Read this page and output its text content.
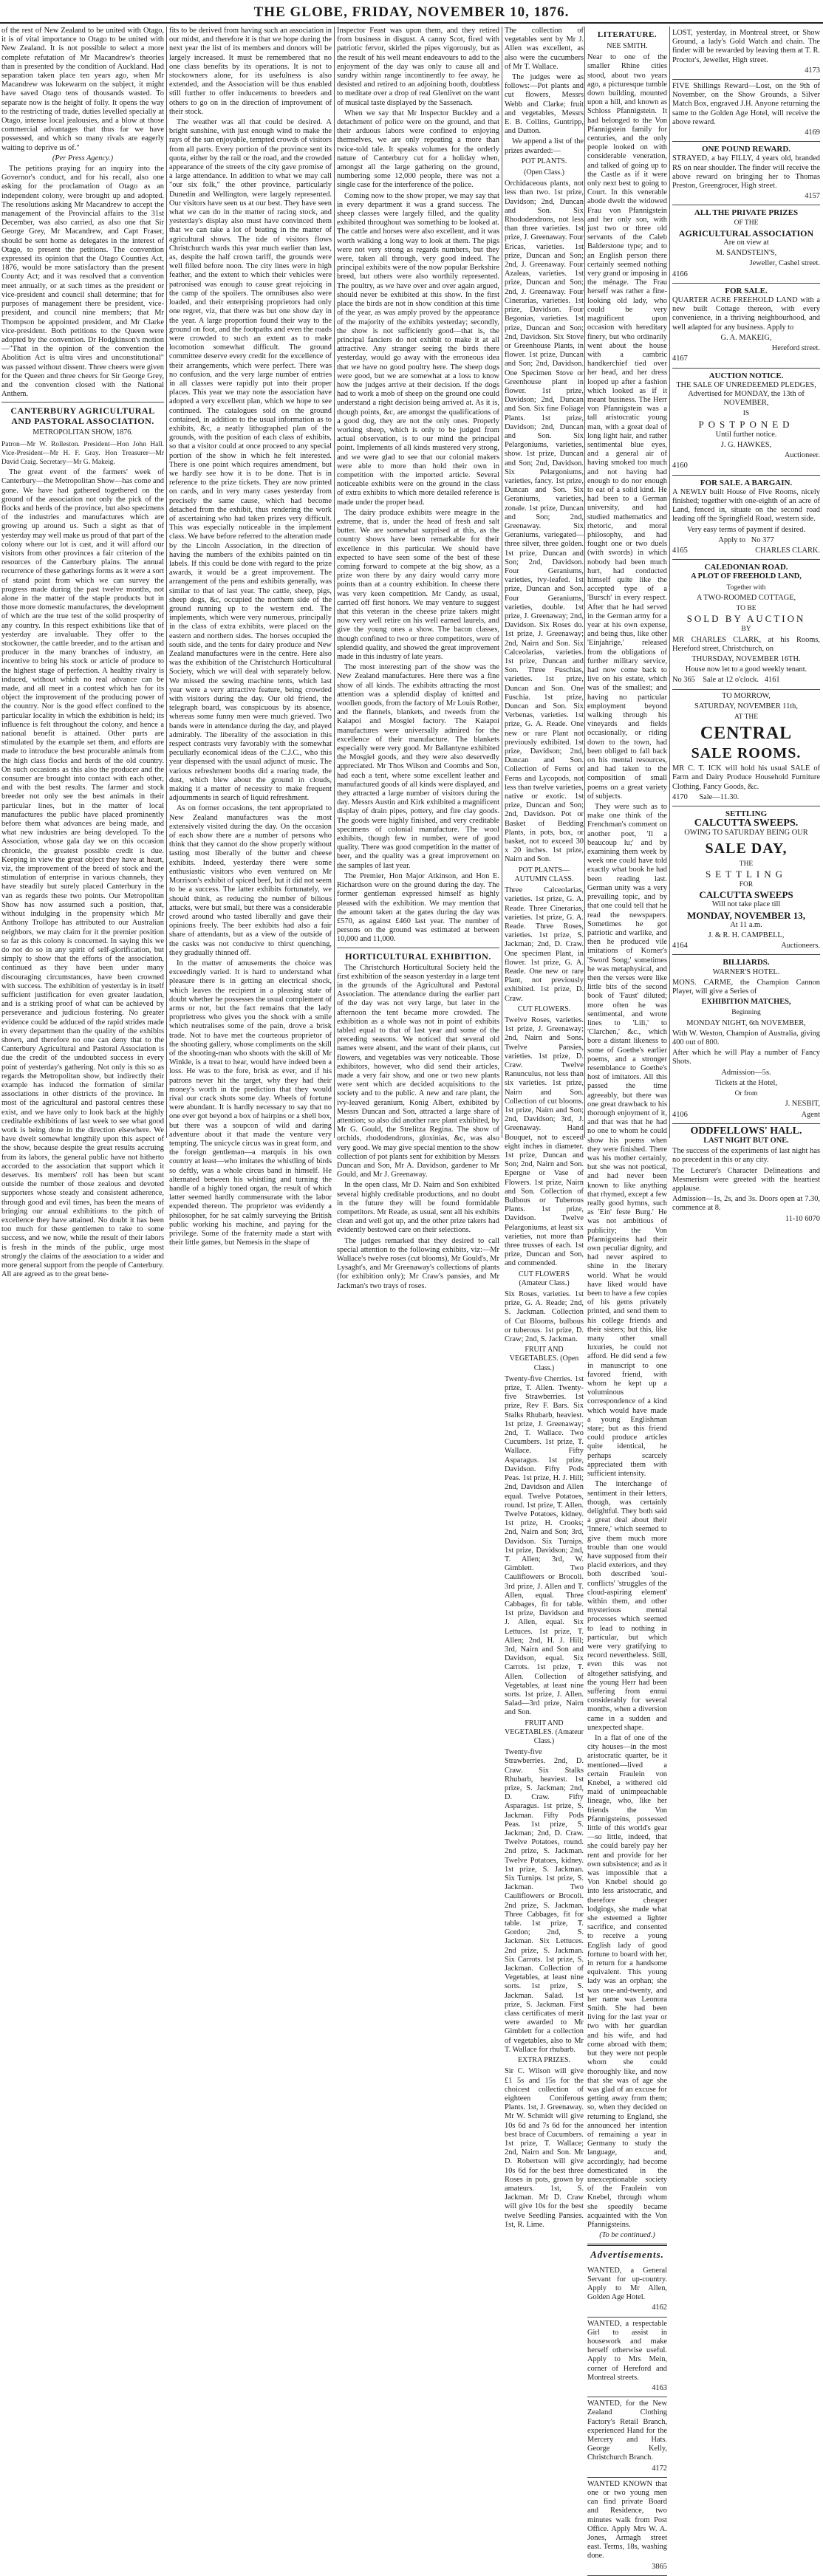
THE GLOBE, FRIDAY, NOVEMBER 10, 1876.

of the rest of New Zealand to be united with Otago, it is of vital importance to Otago to be united with New Zealand. It is not possible to select a more complete refutation of Mr Macandrew's theories than is presented by the condition of Auckland. Had separation taken place ten years ago, when Mr Macandrew was lukewarm on the subject, it might have saved Otago tens of thousands wasted. To separate now is the height of folly. It opens the way to the restricting of trade, duties levelled specially at Otago, intense local jealousies, and a blow at those commercial advantages that thus far we have possessed, and which so many rivals are eagerly waiting to deprive us of."

(Per Press Agency.)

The petitions praying for an inquiry into the Governor's conduct, and for his recall, also one asking for the proclamation of Otago as an independent colony, were brought up and adopted. The resolutions asking Mr Macandrew to accept the management of the Provincial affairs to the 31st December, was also carried, as also one that Sir George Grey, Mr Macandrew, and Capt Fraser, should be sent home as delegates in the interest of Otago, to present the petitions. The convention expressed its opinion that the Otago Counties Act, 1876, would be more satisfactory than the present County Act; and it was resolved that a convention meet annually, or at such times as the president or vice-president and council shall determine; that for purposes of management there be president, vice-president, and council nine members; that Mr Thompson be appointed president, and Mr Clarke vice-president. Both petitions to the Queen were adopted by the convention. Dr Hodgkinson's motion—"That in the opinion of the convention the Abolition Act is ultra vires and unconstitutional" was passed without dissent. Three cheers were given for the Queen and three cheers for Sir George Grey, and the convention closed with the National Anthem.

CANTERBURY AGRICULTURAL AND PASTORAL ASSOCIATION.
METROPOLITAN SHOW, 1876.

Patron—Mr W. Rolleston. President—Hon John Hall. Vice-President—Mr H. F. Gray. Hon Treasurer—Mr David Craig. Secretary—Mr G. Makeig.

The great event of the farmers' week of Canterbury—the Metropolitan Show—has come and gone. We have had gathered togethered on the ground of the association not only the pick of the flocks and herds of the province, but also specimens of the industries and manufactures which are growing up around us. Such a sight as that of yesterday may well make us proud of that part of the colony where our lot is cast, and it will afford our visitors from other provinces a fair criterion of the resources of the Canterbury plains. The annual recurrence of these gatherings forms as it were a sort of stand point from which we can survey the progress made during the past twelve months, not alone in the matter of the staple products but in those more domestic manufactures, the development of which are the true test of the solid prosperity of any country. In this respect exhibitions like that of yesterday are invaluable. They offer to the stockowner, the cattle breeder, and to the artisan and producer in the many branches of industry, an incentive to bring his stock or article of produce to the highest stage of perfection. A healthy rivalry is induced, without which no real advance can be made, and all meet in a contest which has for its object the improvement of the producing power of the country. Nor is the good effect confined to the particular locality in which the exhibition is held; its influence is felt throughout the colony, and hence a national benefit is attained. Other parts are stimulated by the example set them, and efforts are made to introduce the best procurable animals from the high class flocks and herds of the old country. On such occasions as this also the producer and the consumer are brought into contact with each other, and with the best results. The farmer and stock breeder not only see the best animals in their particular lines, but in the matter of local manufactures the public have placed prominently before them what advances are being made, and what new industries are being developed. To the Association, whose gala day we on this occasion chronicle, the greatest possible credit is due. Keeping in view the great object they have at heart, viz, the improvement of the breed of stock and the stimulation of enterprise in various channels, they have steadily but surely placed Canterbury in the van as regards these two points. Our Metropolitan Show has now assumed such a position, that, without indulging in the propensity which Mr Anthony Trollope has attributed to our Australian neighbors, we may claim for it the premier position so far as this colony is concerned. In saying this we do not do so in any spirit of self-glorification, but simply to show that the efforts of the association, continued as they have been under many discouraging circumstances, have been crowned with success. The exhibition of yesterday is in itself sufficient justification for even greater laudation, and is a striking proof of what can be achieved by perseverance and judicious fostering. No greater evidence could be adduced of the rapid strides made in every department than the quality of the exhibits shown, and therefore no one can deny that to the Canterbury Agricultural and Pastoral Association is due the credit of the undoubted success in every point of yesterday's gathering. Not only is this so as regards the Metropolitan show, but indirectly their example has induced the formation of similar associations in other districts of the province. In most of the agricultural and pastoral centres these exist, and we have only to look back at the highly creditable exhibitions of last week to see what good work is being done in the direction elsewhere. We have dwelt somewhat lengthily upon this aspect of the show, because despite the great results accruing from its labors, the general public have not hitherto accorded to the association that support which it deserves. Its members' roll has been but scant outside the number of those zealous and devoted supporters whose steady and consistent adherence, through good and evil times, has been the means of bringing our annual exhibitions to the pitch of excellence they have attained. No doubt it has been too much for these gentlemen to take to some success, and we now, while the result of their labors is fresh in the minds of the public, urge most strongly the claims of the association to a wider and more general support from the people of Canterbury. All are agreed as to the great bene-

fits to be derived from having such an association in our midst, and therefore it is that we hope during the next year the list of its members and donors will be largely increased. It must be remembered that no one class benefits by its operations. It is not to stockowners alone, for its usefulness is also extended, and the Association will be thus enabled still further to offer inducements to breeders and others to go on in the direction of improvement of their stock.

The weather was all that could be desired. A bright sunshine, with just enough wind to make the rays of the sun enjoyable, tempted crowds of visitors from all parts. Every portion of the province sent its quota, either by the rail or the road, and the crowded appearance of the streets of the city gave promise of a large attendance. In addition to what we may call "our six folk," the other province, particularly Dunedin and Wellington, were largely represented. Our visitors have seen us at our best. They have seen what we can do in the matter of racing stock, and yesterday's display also must have convinced them that we can take a lot of beating in the matter of agricultural shows. The tide of visitors flows Christchurch wards this year much earlier than last, as, despite the half crown tariff, the grounds were well filled before noon. The city lines were in high feather, and the extent to which their vehicles were patronised was enough to cause great rejoicing in the camp of the spoilers. The omnibuses also were loaded, and their enterprising proprietors had only one regret, viz, that there was but one show day in the year. A large proportion found their way to the ground on foot, and the footpaths and even the roads were crowded to such an extent as to make locomotion somewhat difficult. The ground committee deserve every credit for the excellence of their arrangements, which were perfect. There was no confusion, and the very large number of entries in all classes were rapidly put into their proper places. This year we may note the association have adopted a very excellent plan, which we hope to see continued. The catalogues sold on the ground contained, in addition to the usual information as to exhibits, &c, a neatly lithographed plan of the grounds, with the position of each class of exhibits, so that a visitor could at once proceed to any special portion of the show in which he felt interested. There is one point which requires amendment, but we hardly see how it is to be done. That is in reference to the prize tickets. They are now printed on cards, and in very many cases yesterday from precisely the same cause, which had become detached from the exhibit, thus rendering the work of ascertaining who had taken prizes very difficult. This was especially noticeable in the implement class. We have before referred to the alteration made by the Lincoln Association, in the direction of having the numbers of the exhibits painted on tin labels. If this could be done with regard to the prize awards, it would be a great improvement. The arrangement of the pens and exhibits generally, was similar to that of last year. The cattle, sheep, pigs, sheep dogs, &c, occupied the northern side of the ground running up to the western end. The implements, which were very numerous, principally in the class of extra exhibits, were placed on the eastern and northern sides. The horses occupied the south side, and the tents for dairy produce and New Zealand manufactures were in the centre. Here also was the exhibition of the Christchurch Horticultural Society, which we will deal with separately below. We missed the sewing machine tents, which last year were a very attractive feature, being crowded with visitors during the day. Our old friend, the telegraph board, was conspicuous by its absence, whereas some funny men were much grieved. Two bands were in attendance during the day, and played admirably. The liberality of the association in this respect contrasts very favorably with the somewhat peculiarly economical ideas of the C.J.C., who this year dispensed with the usual adjunct of music. The various refreshment booths did a roaring trade, the dust, which blew about the ground in clouds, making it a matter of necessity to make frequent adjournments in search of liquid refreshment.

As on former occasions, the tent appropriated to New Zealand manufactures was the most extensively visited during the day. On the occasion of each show there are a number of persons who think that they cannot do the show properly without tasting most liberally of the butter and cheese exhibits. Indeed, yesterday there were some enthusiastic visitors who even ventured on Mr Morrison's exhibit of spiced beef, but it did not seem to be a success. The latter exhibits fortunately, we should think, as reducing the number of bilious attacks, were but small, but there was a considerable crowd around who tasted liberally and gave their opinions freely. The beer exhibits had also a fair share of attendants, but as a view of the outside of the casks was not conducive to thirst quenching, they gradually thinned off.

In the matter of amusements the choice was exceedingly varied. It is hard to understand what pleasure there is in getting an electrical shock, which leaves the recipient in a pleasing state of doubt whether he possesses the usual complement of arms or not, but the fact remains that the lady proprietress who gives you the shock with a smile which neutralises some of the pain, drove a brisk trade. Not to have met the courteous proprietor of the shooting gallery, whose compliments on the skill of the shooting-man who shoots with the skill of Mr Winkle, is a treat to hear, would have indeed been a loss. He was to the fore, brisk as ever, and if his patrons never hit the target, why they had their money's worth in the prediction that they would rival our crack shots some day. Wheels of fortune were abundant. It is hardly necessary to say that no one ever got beyond a box of hairpins or a shell box, but there was a soupcon of wild and daring adventure about it that made the venture very tempting. The unicycle circus was in great form, and the foreign gentleman—a marquis in his own country at least—who imitates the whistling of birds so deftly, was a whole circus band in himself. He alternated between his whistling and turning the handle of a highly toned organ, the result of which latter seemed hardly commensurate with the labor expended thereon. The proprietor was evidently a philosopher, for he sat calmly surveying the British public working his machine, and paying for the privilege. Some of the fraternity made a start with their little games, but Nemesis in the shape of

Inspector Feast was upon them, and they retired from business in disgust. A canny Scot, fired with patriotic fervor, skirled the pipes vigorously, but as the result of his well meant endeavours to add to the enjoyment of the day was only to cause all and sundry within range incontinently to fee away, he desisted and retired to an adjoining booth, doubtless to meditate over a drop of real Glenlivet on the want of musical taste displayed by the Sassenach.

When we say that Mr Inspector Buckley and a detachment of police were on the ground, and that their arduous labors were confined to enjoying themselves, we are only repeating a more than twice-told tale. It speaks volumes for the orderly nature of Canterbury cut for a holiday when, amongst all the large gathering on the ground, numbering some 12,000 people, there was not a single case for the interference of the police.

Coming now to the show proper, we may say that in every department it was a grand success. The sheep classes were largely filled, and the quality exhibited throughout was something to be looked at. The cattle and horses were also excellent, and it was worth walking a long way to look at them. The pigs were not very strong as regards numbers, but they were, taken all through, very good indeed. The principal exhibits were of the now popular Berkshire breed, but others were also worthily represented. The poultry, as we have over and over again argued, should never be exhibited at this show. In the first place the birds are not in show condition at this time of the year, as was amply proved by the appearance of the majority of the exhibits yesterday; secondly, the show is not sufficiently good—that is, the principal fanciers do not exhibit to make it at all attractive. Any stranger seeing the birds there yesterday, would go away with the erroneous idea that we have no good poultry here. The sheep dogs were good, but we are somewhat at a loss to know how the judges arrive at their decision. If the dogs had to work a mob of sheep on the ground one could understand a right decision being arrived at. As it is, though points, &c, are amongst the qualifications of a good dog, they are not the only ones. Properly working sheep, which is only to be judged from actual observation, is to our mind the principal point. Implements of all kinds mustered very strong, and we were glad to see that our colonial makers were able to more than hold their own in competition with the imported article. Several noticeable exhibits were on the ground in the class of extra exhibits to which more detailed reference is made under the proper head.

The dairy produce exhibits were meagre in the extreme, that is, under the head of fresh and salt butter. We are somewhat surprised at this, as the country shows have been remarkable for their excellence in this particular. We should have expected to have seen some of the best of these coming forward to compete at the big show, as a prize won there by any dairy would carry more points than at a country exhibition. In cheese there was very keen competition. Mr Candy, as usual, carried off first honors. We may venture to suggest that this veteran in the cheese prize takers might now very well retire on his well earned laurels, and give the young ones a show. The bacon classes, though confined to two or three competitors, were of splendid quality, and showed the great improvement made in this industry of late years.

The most interesting part of the show was the New Zealand manufactures. Here there was a fine show of all kinds. The exhibits attracting the most attention was a splendid display of knitted and woollen goods, from the factory of Mr Louis Rother, and the flannels, blankets, and tweeds from the Kaiapoi and Mosgiel factory. The Kaiapoi manufactures were universally admired for the excellence of their manufacture. The blankets especially were very good. Mr Ballantyne exhibited the Mosgiel goods, and they were also deservedly appreciated. Mr Thos Wilson and Coombs and Son, had each a tent, where some excellent leather and manufactured goods of all kinds were displayed, and they attracted a large number of visitors during the day. Messrs Austin and Kirk exhibited a magnificent display of drain pipes, pottery, and fire clay goods. The goods were highly finished, and very creditable specimens of colonial manufacture. The wool exhibits, though few in number, were of good quality. There was good competition in the matter of beer, and the quality was a great improvement on the samples of last year.

The Premier, Hon Major Atkinson, and Hon E. Richardson were on the ground during the day. The former gentleman expressed himself as highly pleased with the exhibition. We may mention that the amount taken at the gates during the day was £570, as against £460 last year. The number of persons on the ground was estimated at between 10,000 and 11,000.

HORTICULTURAL EXHIBITION.

The Christchurch Horticultural Society held the first exhibition of the season yesterday in a large tent in the grounds of the Agricultural and Pastoral Association. The attendance during the earlier part of the day was not very large, but later in the afternoon the tent became more crowded. The exhibition as a whole was not in point of exhibits tabled equal to that of last year and some of the preceding seasons. We noticed that several old names were absent, and the want of their plants, cut flowers, and vegetables was very noticeable. Those exhibitors, however, who did send their articles, made a very fair show, and one or two new plants were sent which are decided acquisitions to the society and to the public. A new and rare plant, the ivy-leaved geranium, Konig Albert, exhibited by Messrs Duncan and Son, attracted a large share of attention; so also did another rare plant exhibited, by Mr G. Gould, the Strelitza Regina. The show of orchids, rhododendrons, gloxinias, &c, was also very good. We may give special mention to the show collection of pot plants sent for exhibition by Messrs Duncan and Son, Mr A. Davidson, gardener to Mr Gould, and Mr J. Greenaway.

In the open class, Mr D. Nairn and Son exhibited several highly creditable productions, and no doubt in the future they will be found formidable competitors. Mr Reade, as usual, sent all his exhibits clean and well got up, and the other prize takers had evidently bestowed care on their selections.

The judges remarked that they desired to call special attention to the following exhibits, viz:—Mr Wallace's twelve roses (cut blooms), Mr Gould's, Mr Lysaght's, and Mr Greenaway's collections of plants (for exhibition only); Mr Craw's pansies, and Mr Jackman's two trays of roses.

The collection of vegetables sent by Mr J. Allen was excellent, as also were the cucumbers of Mr T. Wallace.

The judges were as follows:—Pot plants and cut flowers, Messrs Webb and Clarke; fruit and vegetables, Messrs E. B. Collins, Guntripp, and Dutton.

We append a list of the prizes awarded:—

POT PLANTS.
(Open Class.)

Orchidaceous plants, not less than two. 1st prize, Davidson; 2nd, Duncan and Son. Six Rhododendrons, not less than three varieties. 1st prize, J. Greenaway. Four Ericas, varieties. 1st prize, Duncan and Son; 2nd, J. Greenaway. Four Azaleas, varieties. 1st prize, Duncan and Son; 2nd, J. Greenaway. Four Cinerarias, varieties. 1st prize, Davidson. Four Begonias, varieties. 1st prize, Duncan and Son; 2nd, Davidson. Six Stove or Greenhouse Plants, in flower. 1st prize, Duncan and Son; 2nd, Davidson. One Specimen Stove or Greenhouse plant in flower. 1st prize, Davidson; 2nd, Duncan and Son. Six fine Foliage Plants. 1st prize, Davidson; 2nd, Duncan and Son. Six Pelargoniums, varieties, show. 1st prize, Duncan and Son; 2nd, Davidson. Six Pelargoniums, varieties, fancy. 1st prize, Duncan and Son. Six Geraniums, varieties, zonale. 1st prize, Duncan and Son; 2nd, Greenaway. Six Geraniums, variegated—three silver, three golden. 1st prize, Duncan and Son; 2nd, Davidson. Four Geraniums, varieties, ivy-leafed. 1st prize, Duncan and Son. Four Geraniums, varieties, double. 1st prize, J. Greenaway; 2nd, Davidson. Six Roses do. 1st prize, J. Greenaway; 2nd, Nairn and Son. Six Calceolarias, varieties. 1st prize, Duncan and Son. Three Fuschias, varieties. 1st prize, Duncan and Son. One Fuschia. 1st prize, Duncan and Son. Six Verbenas, varieties. 1st prize, G. A. Reade. One new or rare Plant not previously exhibited. 1st prize, Davidson; 2nd, Duncan and Son. Collection of Ferns or Ferns and Lycopods, not less than twelve varieties, native or exotic. 1st prize, Duncan and Son; 2nd, Davidson. Pot or Basket of Bedding Plants, in pots, box, or basket, not to exceed 30 x 20 inches. 1st prize, Nairn and Son.

POT PLANTS—AUTUMN CLASS.

Three Calceolarias, varieties. 1st prize, G. A. Reade. Three Cinerarias, varieties. 1st prize, G. A. Reade. Three Roses, varieties. 1st prize, S. Jackman; 2nd, D. Craw. One specimen Plant, in flower. 1st prize, G. A. Reade. One new or rare Plant, not previously exhibited. 1st prize, D. Craw.

CUT FLOWERS.

Twelve Roses, varieties. 1st prize, J. Greenaway; 2nd, Nairn and Sons. Twelve Pansies, varieties. 1st prize, D. Craw. Twelve Ranunculus, not less than six varieties. 1st prize, Nairn and Son. Collection of cut blooms. 1st prize, Nairn and Son; 2nd, Davidson; 3rd, J. Greenaway. Hand Bouquet, not to exceed eight inches in diameter. 1st prize, Duncan and Son; 2nd, Nairn and Son. Epergne or Vase of Flowers. 1st prize, Nairn and Son. Collection of Bulbous or Tuberous Plants. 1st prize, Davidson. Twelve Pelargoniums, at least six varieties, not more than three trusses of each. 1st prize, Duncan and Son, and commended.

CUT FLOWERS (Amateur Class.)

Six Roses, varieties. 1st prize, G. A. Reade; 2nd, S. Jackman. Collection of Cut Blooms, bulbous or tuberous. 1st prize, D. Craw; 2nd, S. Jackman.

FRUIT AND VEGETABLES. (Open Class.)

Twenty-five Cherries. 1st prize, T. Allen. Twenty-five Strawberries. 1st prize, Rev F. Bars. Six Stalks Rhubarb, heaviest. 1st prize, J. Greenaway; 2nd, T. Wallace. Two Cucumbers. 1st prize, T. Wallace. Fifty Asparagus. 1st prize, Davidson. Fifty Pods Peas. 1st prize, H. J. Hill; 2nd, Davidson and Allen equal. Twelve Potatoes, round. 1st prize, T. Allen. Twelve Potatoes, kidney. 1st prize, H. Crooks; 2nd, Nairn and Son; 3rd, Davidson. Six Turnips. 1st prize, Davidson; 2nd, T. Allen; 3rd, W. Gimblett. Two Cauliflowers or Brocoli. 3rd prize, J. Allen and T. Allen, equal. Three Cabbages, fit for table. 1st prize, Davidson and J. Allen, equal. Six Lettuces. 1st prize, T. Allen; 2nd, H. J. Hill; 3rd, Nairn and Son and Davidson, equal. Six Carrots. 1st prize, T. Allen. Collection of Vegetables, at least nine sorts. 1st prize, J. Allen. Salad—3rd prize, Nairn and Son.

FRUIT AND VEGETABLES. (Amateur Class.)

Twenty-five Strawberries. 2nd, D. Craw. Six Stalks Rhubarb, heaviest. 1st prize, S. Jackman; 2nd, D. Craw. Fifty Asparagus. 1st prize, S. Jackman. Fifty Pods Peas. 1st prize, S. Jackman; 2nd, D. Craw. Twelve Potatoes, round. 2nd prize, S. Jackman. Twelve Potatoes, kidney. 1st prize, S. Jackman. Six Turnips. 1st prize, S. Jackman. Two Cauliflowers or Brocoli. 2nd prize, S. Jackman. Three Cabbages, fit for table. 1st prize, T. Gordon; 2nd, S. Jackman. Six Lettuces. 2nd prize, S. Jackman. Six Carrots. 1st prize, S. Jackman. Collection of Vegetables, at least nine sorts. 1st prize, S. Jackman. Salad. 1st prize, S. Jackman. First class certificates of merit were awarded to Mr Gimblett for a collection of vegetables, also to Mr T. Wallace for rhubarb.

EXTRA PRIZES.

Sir C. Wilson will give £1 5s and 15s for the choicest collection of eighteen Coniferous Plants. 1st, J. Greenaway. Mr W. Schmidt will give 10s 6d and 7s 6d for the best brace of Cucumbers. 1st prize, T. Wallace; 2nd, Nairn and Son. Mr D. Robertson will give 10s 6d for the best three Roses in pots, grown by amateurs. 1st, S. Jackman. Mr D. Craw will give 10s for the best twelve Seedling Pansies. 1st, R. Lime.

LITERATURE.
NEE SMITH.

Near to one of the smaller Rhine cities stood, about two years ago, a picturesque tumble down building, mounted upon a hill, and known as Schloss Pfannigstein. It had belonged to the Von Pfannigstein family for centuries, and the only people looked on with considerable veneration, and talked of going up to the Castle as if it were only next best to going to Court. In this venerable abode dwelt the widowed Frau von Pfannigstein and her only son, with just two or three old servants of the Caleb Balderstone type; and to an English person there certainly seemed nothing very grand or imposing in the ménage. The Frau herself was rather a fine-looking old lady, who could be very magnificent upon occasion with hereditary finery, but who ordinarily went about the house with a cambric handkerchief tied over her head, and her dress looped up after a fashion which looked as if it meant business. The Herr von Pfannigstein was a tall aristocratic young man, with a great deal of long light hair, and rather sentimental blue eyes, and a general air of having smoked too much and not having had enough to do nor enough to eat of a solid kind. He had been to a German university, and had studied mathematics and rhetoric, and moral philosophy, and had fought one or two duels (with swords) in which nobody had been much hurt, had conducted himself quite like the accepted type of a 'Bursch' in every respect. After that he had served in the German army for a year at his own expense, and being thus, like other 'Einjahrige,' released from the obligations of further military service, had now come back to live on his estate, which was of the smallest; and having no particular employment beyond walking through his vineyards and fields occasionally, or riding down to the town, had been obliged to fall back on his mental resources, and had taken to the composition of small poems on a great variety of subjects.

They were such as to make one think of the Frenchman's comment on another poet, 'Il a beaucoup lu;' and by examining them week by week one could have told exactly what book he had been reading last. German unity was a very prevailing topic, and by that one could tell that he read the newspapers. Sometimes he got patriotic and warlike, and then he produced vile imitations of Korner's 'Sword Song;' sometimes he was metaphysical, and then the verses were like little bits of the second book of 'Faust' diluted; more often he was sentimental, and wrote lines to 'Lili,' to 'Clarchen,' &c., which bore a distant likeness to some of Goethe's earlier poems, and a stronger resemblance to Goethe's host of imitators. All this passed the time agreeably, but there was one great drawback to his thorough enjoyment of it, and that was that he had no one to whom he could show his poems when they were finished. There was his mother certainly, but she was not poetical, and had never been known to like anything that rhymed, except a few really good hymns, such as 'Ein' feste Burg.' He was not ambitious of publicity; the Von Pfannigsteins had their own peculiar dignity, and had never aspired to shine in the literary world. What he would have liked would have been to have a few copies of his gems privately printed, and send them to his college friends and their sisters; but this, like many other small luxuries, he could not afford. He did send a few in manuscript to one favored friend, with whom he kept up a voluminous correspondence of a kind which would have made a young Englishman stare; but as this friend could produce articles quite identical, he perhaps scarcely appreciated them with sufficient intensity.

The interchange of sentiment in their letters, though, was certainly delightful. They both said a great deal about their 'Innere,' which seemed to give them much more trouble than one would have supposed from their placid exteriors, and they both described 'soul-conflicts' 'struggles of the cloud-aspiring element' within them, and other mysterious mental processes which seemed to lead to nothing in particular, but which were very gratifying to record nevertheless. Still, even this was not altogether satisfying, and the young Herr had been suffering from ennui considerably for several months, when a diversion came in a sudden and unexpected shape.

In a flat of one of the city houses—in the most aristocratic quarter, be it mentioned—lived a certain Fraulein von Knebel, a withered old maid of unimpeachable lineage, who, like her friends the Von Pfannigsteins, possessed little of this world's gear—so little, indeed, that she could barely pay her rent and provide for her own subsistence; and as it was impossible that a Von Knebel should go into less aristocratic, and therefore cheaper lodgings, she made what she esteemed a lighter sacrifice, and consented to receive a young English lady of good fortune to board with her, in return for a handsome equivalent. This young lady was an orphan; she was one-and-twenty, and her name was Leonora Smith. She had been living for the last year or two with her guardian and his wife, and had come abroad with them; but they were not people whom she could thoroughly like, and now that she was of age she was glad of an excuse for getting away from them; so, when they decided on returning to England, she announced her intention of remaining a year in Germany to study the language, and, accordingly, had become domesticated in the unexceptionable society of the Fraulein von Knebel, through whom she speedily became acquainted with the Von Pfannigsteins.

(To be continued.)

Advertisements.

WANTED, a General Servant for up-country. Apply to Mr Allen, Golden Age Hotel.

4162

WANTED, a respectable Girl to assist in housework and make herself otherwise useful. Apply to Mrs Mein, corner of Hereford and Montreal streets.

4163

WANTED, for the New Zealand Clothing Factory's Retail Branch, experienced Hand for the Mercery and Hats. George Kelly, Christchurch Branch.

4172

WANTED KNOWN that one or two young men can find private Board and Residence, two minutes walk from Post Office. Apply Mrs W. A. Jones, Armagh street east. Terms, 18s, washing done.

3865

LOST, yesterday, in Montreal street, or Show Ground, a lady's Gold Watch and chain. The finder will be rewarded by leaving them at T. R. Proctor's, Jeweller, High street.

4173

FIVE Shillings Reward—Lost, on the 9th of November, on the Show Grounds, a Silver Match Box, engraved J.H. Anyone returning the same to the Golden Age Hotel, will receive the above reward.

4169

ONE POUND REWARD.

STRAYED, a bay FILLY, 4 years old, branded RS on near shoulder. The finder will receive the above reward on bringing her to Thomas Preston, Greengrocer, High street.

4157

ALL THE PRIVATE PRIZES

OF THE

AGRICULTURAL ASSOCIATION

Are on view at

M. SANDSTEIN'S,

Jeweller, Cashel street.

4166

FOR SALE.

QUARTER ACRE FREEHOLD LAND with a new built Cottage thereon, with every convenience, in a thriving neighbourhood, and well adapted for any business. Apply to

G. A. MAKEIG,

Hereford street.

4167

AUCTION NOTICE.

THE SALE OF UNREDEEMED PLEDGES, Advertised for MONDAY, the 13th of NOVEMBER,

IS

POSTPONED

Until further notice.

J. G. HAWKES,

Auctioneer.

4160

FOR SALE. A BARGAIN.

A NEWLY built House of Five Rooms, nicely finished; together with one-eighth of an acre of Land, fenced in, situate on the second road leading off the Springfield Road, western side.

Very easy terms of payment if desired.

Apply to No 377

4165	CHARLES CLARK.

CALEDONIAN ROAD.

A PLOT OF FREEHOLD LAND,

Together with

A TWO-ROOMED COTTAGE,

TO BE

SOLD BY AUCTION

BY

MR CHARLES CLARK, at his Rooms, Hereford street, Christchurch, on

THURSDAY, NOVEMBER 16TH.

House now let to a good weekly tenant.

No 365 Sale at 12 o'clock. 4161

TO MORROW,

SATURDAY, NOVEMBER 11th,

AT THE

CENTRAL
SALE ROOMS.

MR C. T. ICK will hold his usual SALE of Farm and Dairy Produce Household Furniture Clothing, Fancy Goods, &c.

4170 Sale—11.30.

SETTLING
CALCUTTA SWEEPS.

OWING TO SATURDAY BEING OUR

SALE DAY,

THE

SETTLING

FOR

CALCUTTA SWEEPS

Will not take place till

MONDAY, NOVEMBER 13,

At 11 a.m.

J. & R. H. CAMPBELL,

4164	Auctioneers.

BILLIARDS.

WARNER'S HOTEL.

MONS. CARME, the Champion Cannon Player, will give a Series of

EXHIBITION MATCHES,

Beginning

MONDAY NIGHT, 6th NOVEMBER,

With W. Weston, Champion of Australia, giving 400 out of 800.

After which he will Play a number of Fancy Shots.

Admission—5s.

Tickets at the Hotel,

Or from

J. NESBIT,

4106	Agent

ODDFELLOWS' HALL.

LAST NIGHT BUT ONE.

The success of the experiments of last night has no precedent in this or any city.

The Lecturer's Character Delineations and Mesmerism were greeted with the heartiest applause.

Admission—1s, 2s, and 3s. Doors open at 7.30, commence at 8.

11-10 6070
